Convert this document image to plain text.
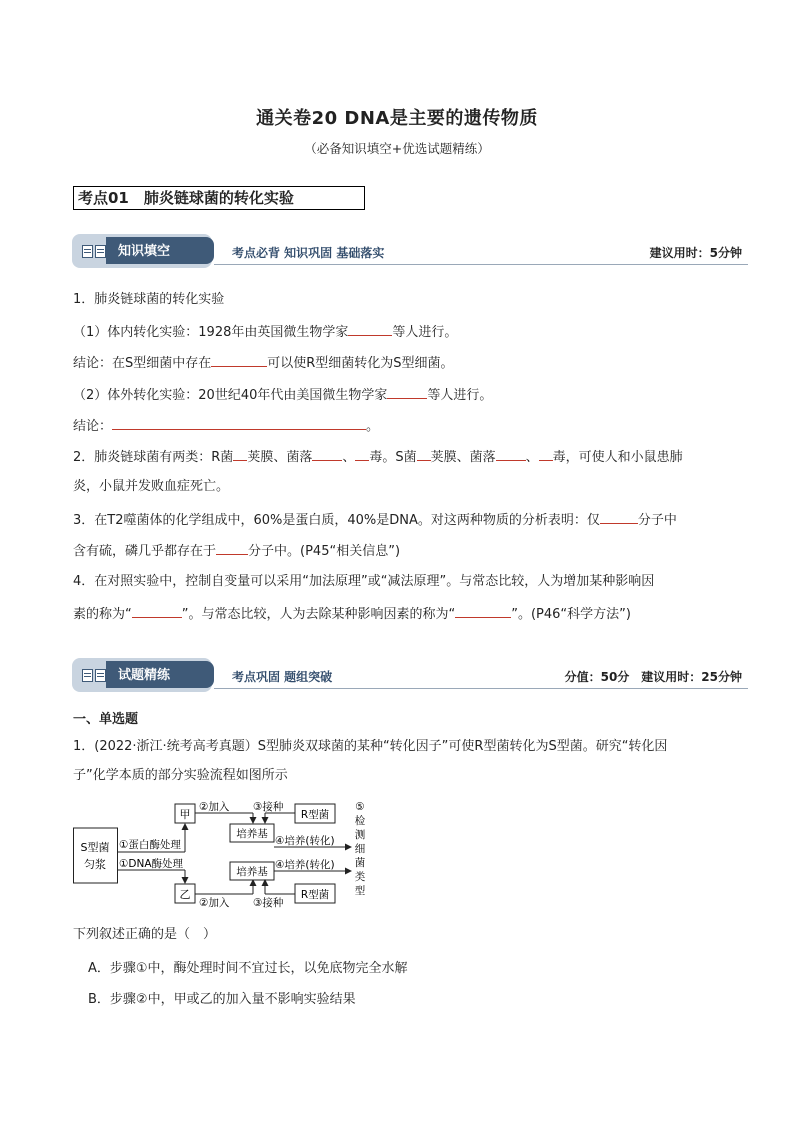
通关卷20 DNA是主要的遗传物质
（必备知识填空+优选试题精练）
考点01　肺炎链球菌的转化实验
知识填空	考点必背 知识巩固 基础落实	建议用时：5分钟
1．肺炎链球菌的转化实验
（1）体内转化实验：1928年由英国微生物学家	等人进行。
结论：在S型细菌中存在	可以使R型细菌转化为S型细菌。
（2）体外转化实验：20世纪40年代由美国微生物学家	等人进行。
结论：	。
2．肺炎链球菌有两类：R菌 荚膜、菌落 、 毒。S菌 荚膜、菌落 、 毒，可使人和小鼠患肺
炎，小鼠并发败血症死亡。
3．在T2噬菌体的化学组成中，60%是蛋白质，40%是DNA。对这两种物质的分析表明：仅	分子中
含有硫，磷几乎都存在于 分子中。(P45“相关信息”)
4．在对照实验中，控制自变量可以采用“加法原理”或“减法原理”。与常态比较，人为增加某种影响因
素的称为“	”。与常态比较，人为去除某种影响因素的称为“	”。(P46“科学方法”)
试题精练	考点巩固 题组突破	分值：50分　建议用时：25分钟
一、单选题
1．(2022·浙江·统考高考真题）S型肺炎双球菌的某种“转化因子”可使R型菌转化为S型菌。研究“转化因
子”化学本质的部分实验流程如图所示
S型菌
匀浆
甲
乙
①蛋白酶处理
①DNA酶处理
②加入
②加入
培养基
培养基
R型菌
R型菌
③接种
③接种
④培养(转化)
④培养(转化)
⑤
检
测
细
菌
类
型
下列叙述正确的是（　）
A．步骤①中，酶处理时间不宜过长，以免底物完全水解
B．步骤②中，甲或乙的加入量不影响实验结果
